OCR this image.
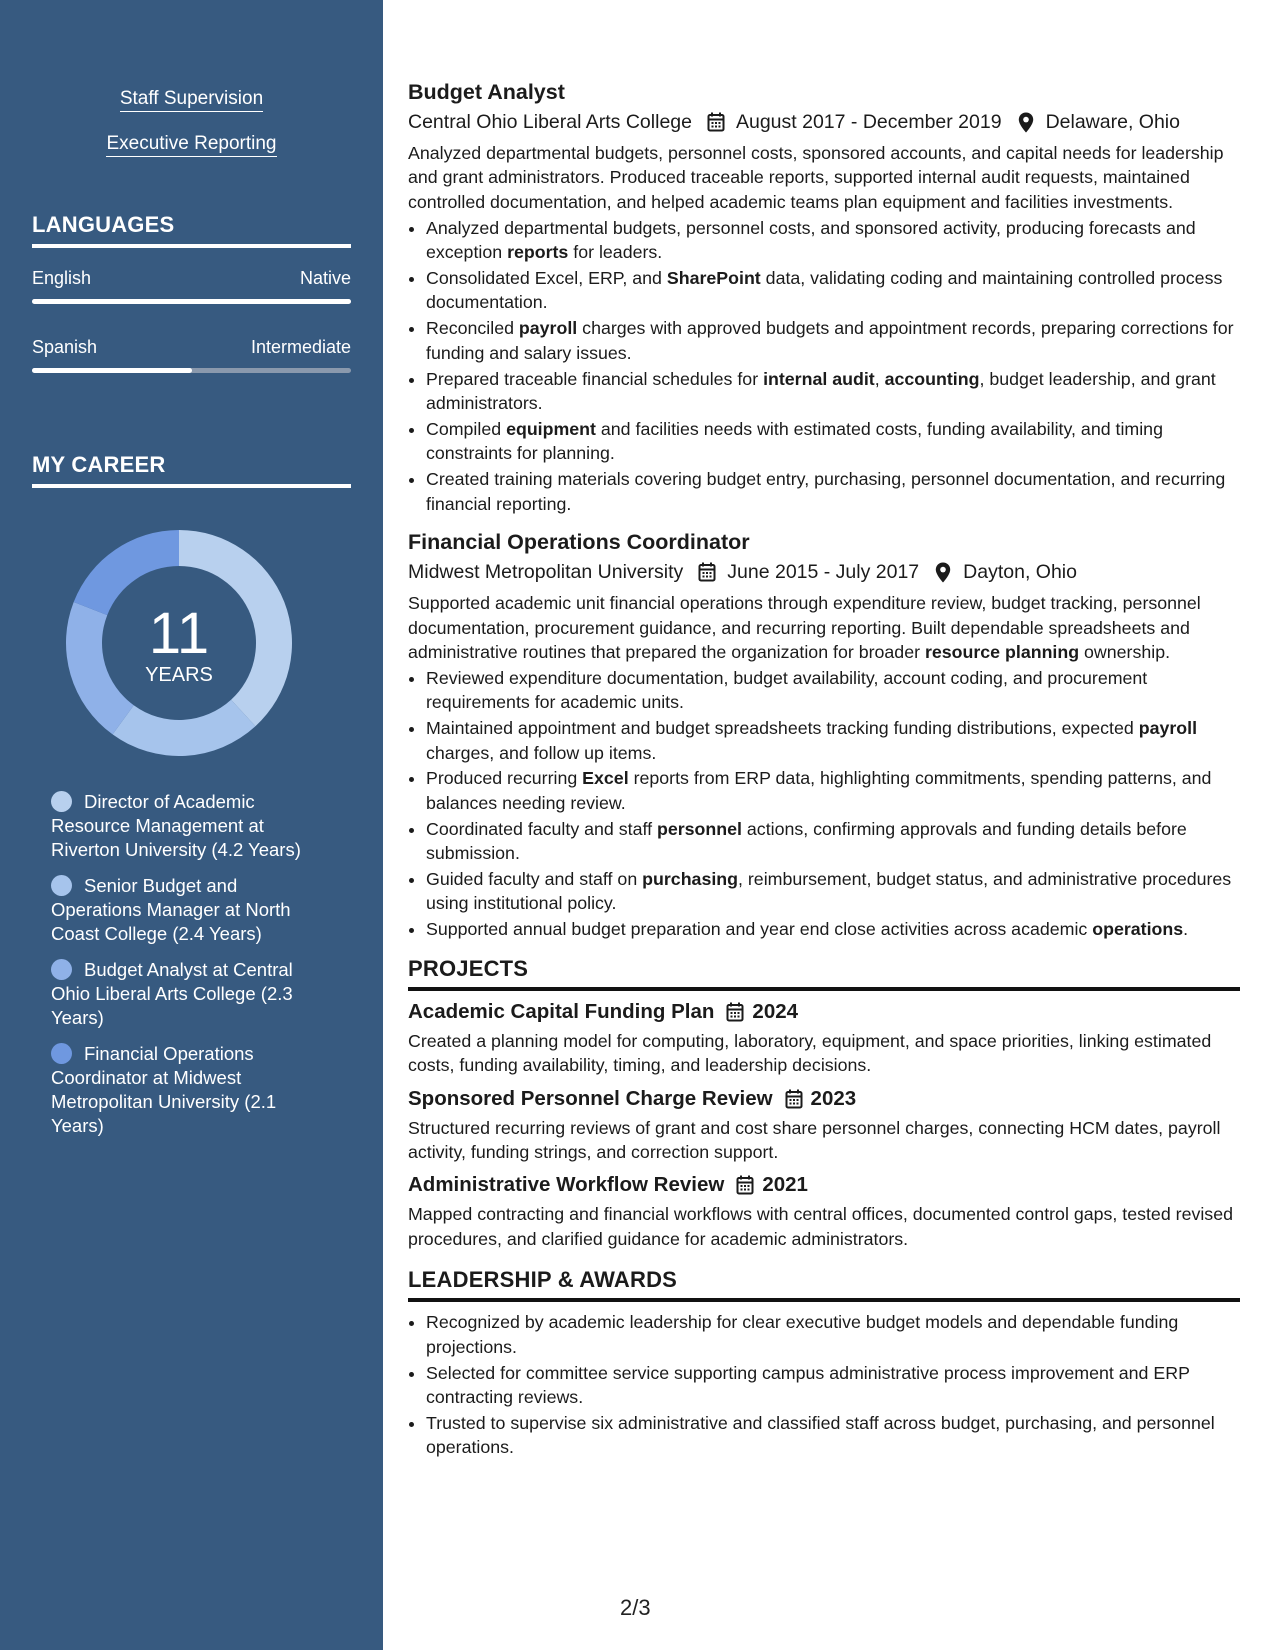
Staff Supervision
Executive Reporting
LANGUAGES
English	Native
Spanish	Intermediate
MY CAREER
11
YEARS
Director of Academic Resource Management at Riverton University (4.2 Years)
Senior Budget and Operations Manager at North Coast College (2.4 Years)
Budget Analyst at Central Ohio Liberal Arts College (2.3 Years)
Financial Operations Coordinator at Midwest Metropolitan University (2.1 Years)
Budget Analyst
Central Ohio Liberal Arts College August 2017 - December 2019 Delaware, Ohio

Analyzed departmental budgets, personnel costs, sponsored accounts, and capital needs for leadership and grant administrators. Produced traceable reports, supported internal audit requests, maintained controlled documentation, and helped academic teams plan equipment and facilities investments.

• Analyzed departmental budgets, personnel costs, and sponsored activity, producing forecasts and exception reports for leaders.
• Consolidated Excel, ERP, and SharePoint data, validating coding and maintaining controlled process documentation.
• Reconciled payroll charges with approved budgets and appointment records, preparing corrections for funding and salary issues.
• Prepared traceable financial schedules for internal audit, accounting, budget leadership, and grant administrators.
• Compiled equipment and facilities needs with estimated costs, funding availability, and timing constraints for planning.
• Created training materials covering budget entry, purchasing, personnel documentation, and recurring financial reporting.
Financial Operations Coordinator
Midwest Metropolitan University June 2015 - July 2017 Dayton, Ohio

Supported academic unit financial operations through expenditure review, budget tracking, personnel documentation, procurement guidance, and recurring reporting. Built dependable spreadsheets and administrative routines that prepared the organization for broader resource planning ownership.

• Reviewed expenditure documentation, budget availability, account coding, and procurement requirements for academic units.
• Maintained appointment and budget spreadsheets tracking funding distributions, expected payroll charges, and follow up items.
• Produced recurring Excel reports from ERP data, highlighting commitments, spending patterns, and balances needing review.
• Coordinated faculty and staff personnel actions, confirming approvals and funding details before submission.
• Guided faculty and staff on purchasing, reimbursement, budget status, and administrative procedures using institutional policy.
• Supported annual budget preparation and year end close activities across academic operations.
PROJECTS
Academic Capital Funding Plan 2024

Created a planning model for computing, laboratory, equipment, and space priorities, linking estimated costs, funding availability, timing, and leadership decisions.

Sponsored Personnel Charge Review 2023

Structured recurring reviews of grant and cost share personnel charges, connecting HCM dates, payroll activity, funding strings, and correction support.

Administrative Workflow Review 2021

Mapped contracting and financial workflows with central offices, documented control gaps, tested revised procedures, and clarified guidance for academic administrators.

LEADERSHIP & AWARDS
• Recognized by academic leadership for clear executive budget models and dependable funding projections.
• Selected for committee service supporting campus administrative process improvement and ERP contracting reviews.
• Trusted to supervise six administrative and classified staff across budget, purchasing, and personnel operations.
2/3
